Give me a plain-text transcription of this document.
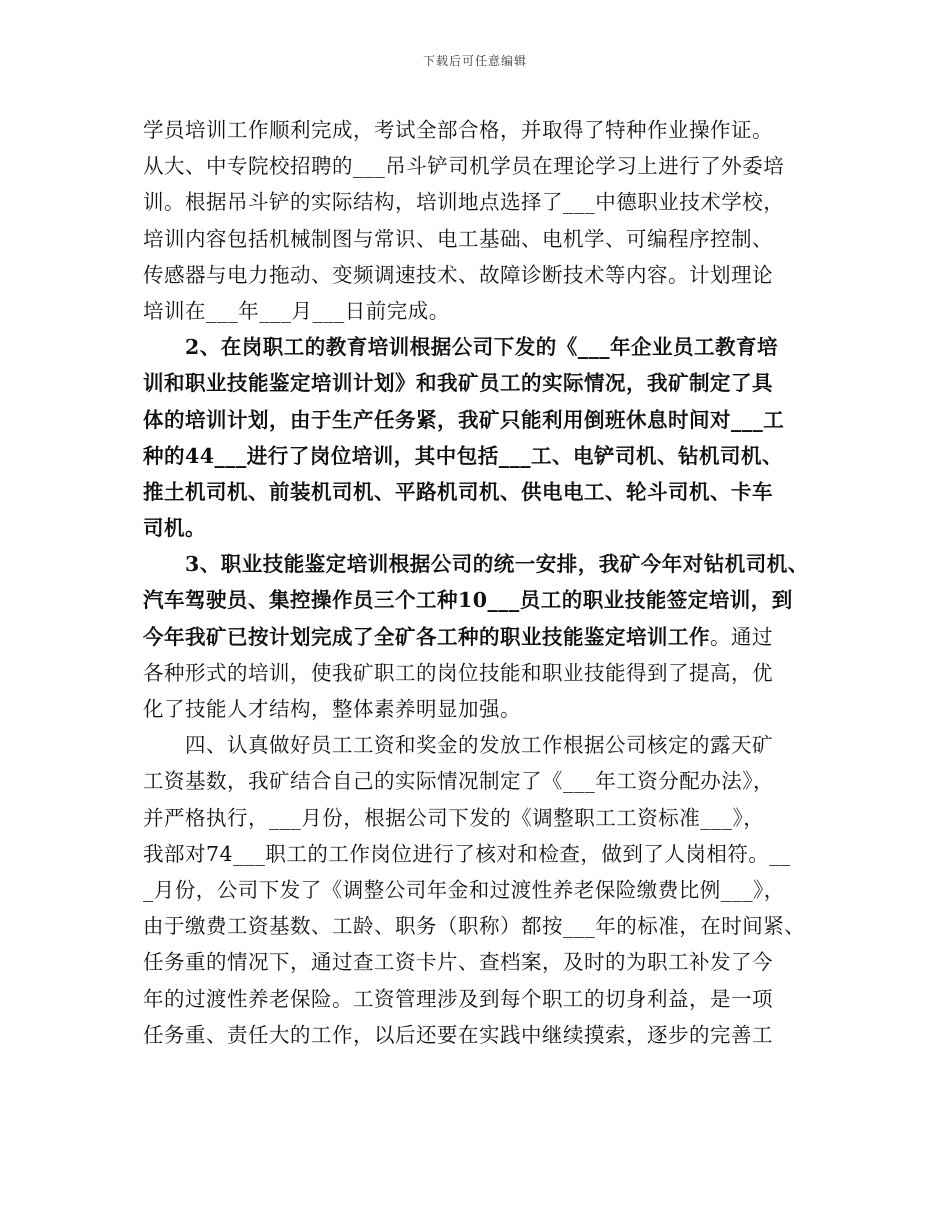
下载后可任意编辑
学员培训工作顺利完成，考试全部合格，并取得了特种作业操作证。
从大、中专院校招聘的___吊斗铲司机学员在理论学习上进行了外委培
训。根据吊斗铲的实际结构，培训地点选择了___中德职业技术学校，
培训内容包括机械制图与常识、电工基础、电机学、可编程序控制、
传感器与电力拖动、变频调速技术、故障诊断技术等内容。计划理论
培训在___年___月___日前完成。
2、在岗职工的教育培训根据公司下发的《___年企业员工教育培
训和职业技能鉴定培训计划》和我矿员工的实际情况，我矿制定了具
体的培训计划，由于生产任务紧，我矿只能利用倒班休息时间对___工
种的44___进行了岗位培训，其中包括___工、电铲司机、钻机司机、
推土机司机、前装机司机、平路机司机、供电电工、轮斗司机、卡车
司机。
3、职业技能鉴定培训根据公司的统一安排，我矿今年对钻机司机、
汽车驾驶员、集控操作员三个工种10___员工的职业技能签定培训，到
今年我矿已按计划完成了全矿各工种的职业技能鉴定培训工作。通过
各种形式的培训，使我矿职工的岗位技能和职业技能得到了提高，优
化了技能人才结构，整体素养明显加强。
四、认真做好员工工资和奖金的发放工作根据公司核定的露天矿
工资基数，我矿结合自己的实际情况制定了《___年工资分配办法》，
并严格执行，___月份，根据公司下发的《调整职工工资标准___》，
我部对74___职工的工作岗位进行了核对和检查，做到了人岗相符。__
_月份，公司下发了《调整公司年金和过渡性养老保险缴费比例___》，
由于缴费工资基数、工龄、职务（职称）都按___年的标准，在时间紧、
任务重的情况下，通过查工资卡片、查档案，及时的为职工补发了今
年的过渡性养老保险。工资管理涉及到每个职工的切身利益，是一项
任务重、责任大的工作，以后还要在实践中继续摸索，逐步的完善工
